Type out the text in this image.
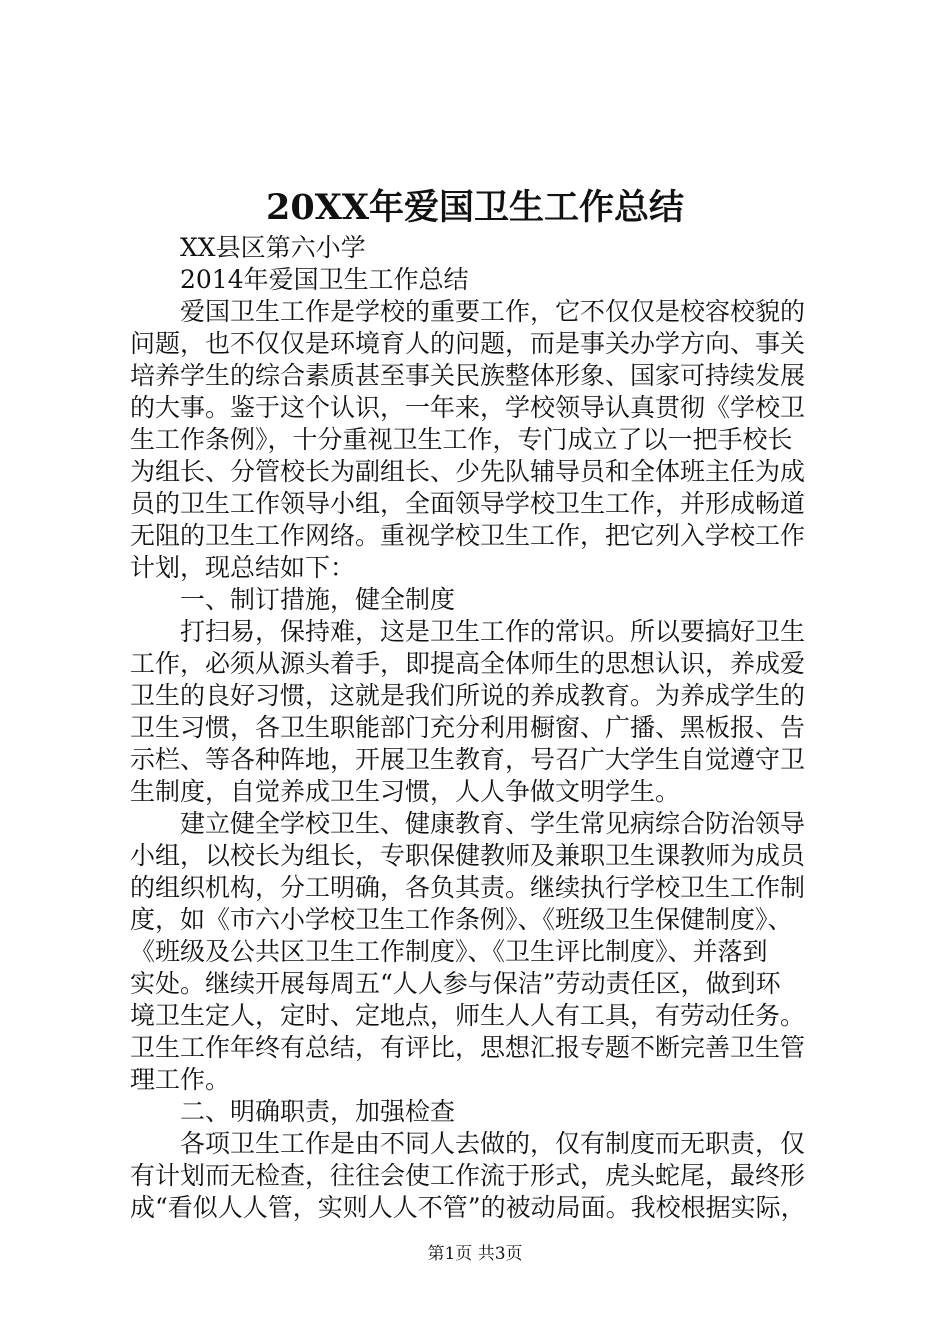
20XX年爱国卫生工作总结
XX县区第六小学
2014年爱国卫生工作总结
爱国卫生工作是学校的重要工作，它不仅仅是校容校貌的
问题，也不仅仅是环境育人的问题，而是事关办学方向、事关
培养学生的综合素质甚至事关民族整体形象、国家可持续发展
的大事。鉴于这个认识，一年来，学校领导认真贯彻《学校卫
生工作条例》，十分重视卫生工作，专门成立了以一把手校长
为组长、分管校长为副组长、少先队辅导员和全体班主任为成
员的卫生工作领导小组，全面领导学校卫生工作，并形成畅道
无阻的卫生工作网络。重视学校卫生工作，把它列入学校工作
计划，现总结如下：
一、制订措施，健全制度
打扫易，保持难，这是卫生工作的常识。所以要搞好卫生
工作，必须从源头着手，即提高全体师生的思想认识，养成爱
卫生的良好习惯，这就是我们所说的养成教育。为养成学生的
卫生习惯，各卫生职能部门充分利用橱窗、广播、黑板报、告
示栏、等各种阵地，开展卫生教育，号召广大学生自觉遵守卫
生制度，自觉养成卫生习惯，人人争做文明学生。
建立健全学校卫生、健康教育、学生常见病综合防治领导
小组，以校长为组长，专职保健教师及兼职卫生课教师为成员
的组织机构，分工明确，各负其责。继续执行学校卫生工作制
度，如《市六小学校卫生工作条例》、《班级卫生保健制度》、
《班级及公共区卫生工作制度》、《卫生评比制度》、并落到
实处。继续开展每周五“人人参与保洁”劳动责任区，做到环
境卫生定人，定时、定地点，师生人人有工具，有劳动任务。
卫生工作年终有总结，有评比，思想汇报专题不断完善卫生管
理工作。
二、明确职责，加强检查
各项卫生工作是由不同人去做的，仅有制度而无职责，仅
有计划而无检查，往往会使工作流于形式，虎头蛇尾，最终形
成“看似人人管，实则人人不管”的被动局面。我校根据实际，
第1页 共3页
